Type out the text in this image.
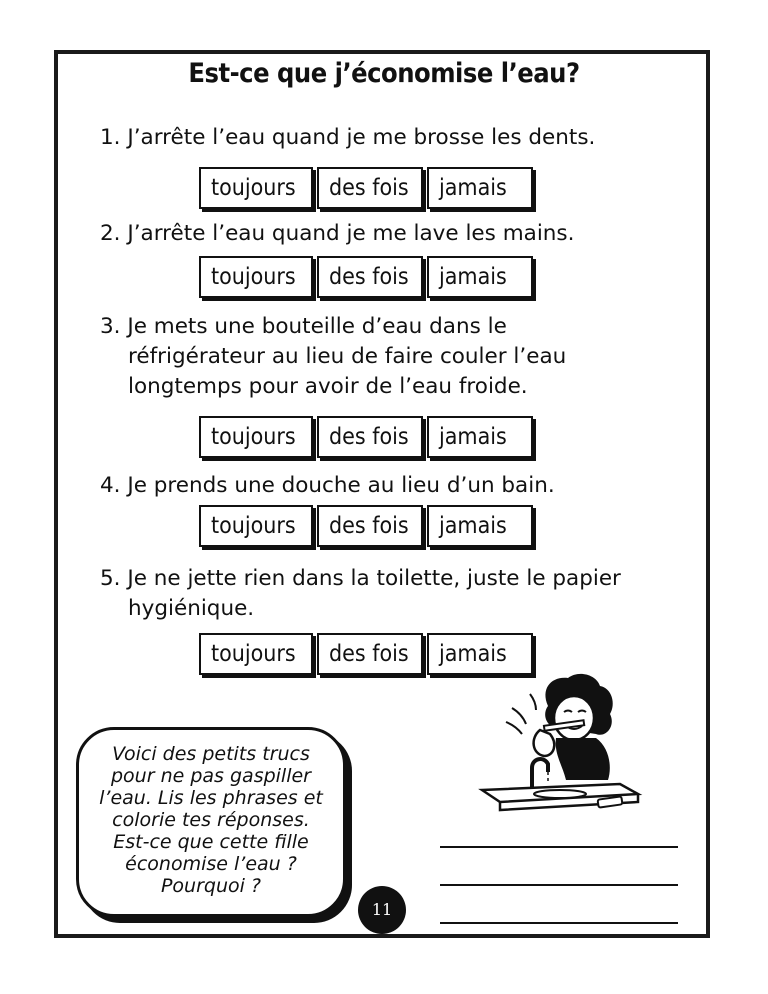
Est-ce que j’économise l’eau?
1. J’arrête l’eau quand je me brosse les dents.
toujours	des fois	jamais
2. J’arrête l’eau quand je me lave les mains.
toujours	des fois	jamais
3. Je mets une bouteille d’eau dans le
réfrigérateur au lieu de faire couler l’eau
longtemps pour avoir de l’eau froide.
toujours	des fois	jamais
4. Je prends une douche au lieu d’un bain.
toujours	des fois	jamais
5. Je ne jette rien dans la toilette, juste le papier
hygiénique.
toujours	des fois	jamais
Voici des petits trucs
pour ne pas gaspiller
l’eau. Lis les phrases et
colorie tes réponses.
Est-ce que cette fille
économise l’eau ?
Pourquoi ?
11
